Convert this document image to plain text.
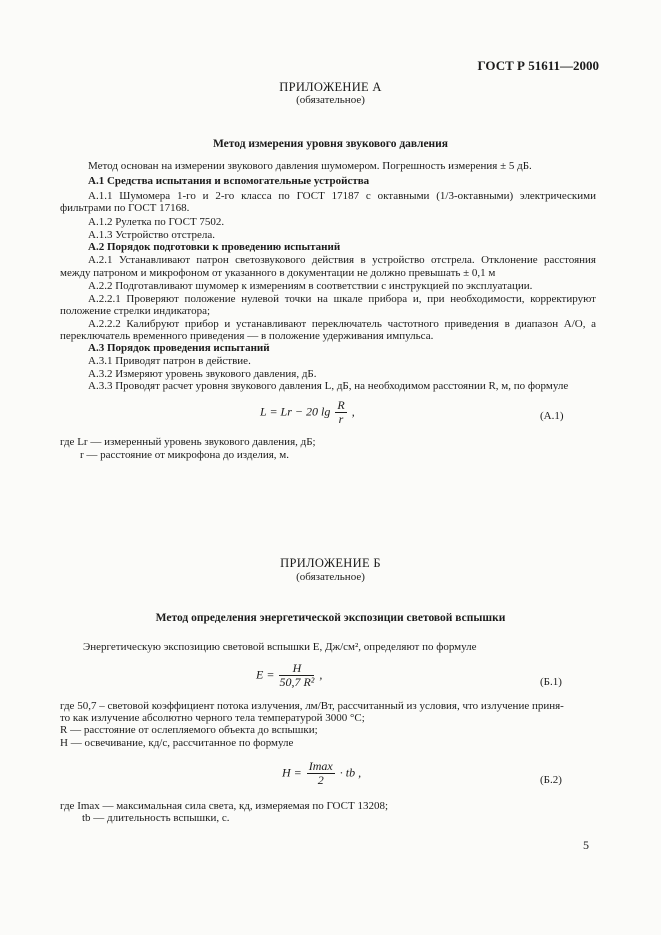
ГОСТ Р 51611—2000
ПРИЛОЖЕНИЕ А
(обязательное)
Метод измерения уровня звукового давления
Метод основан на измерении звукового давления шумомером. Погрешность измерения ± 5 дБ.
А.1 Средства испытания и вспомогательные устройства
А.1.1 Шумомера 1-го и 2-го класса по ГОСТ 17187 с октавными (1/3-октавными) электрическими
фильтрами по ГОСТ 17168.
А.1.2 Рулетка по ГОСТ 7502.
А.1.3 Устройство отстрела.
А.2 Порядок подготовки к проведению испытаний
А.2.1 Устанавливают патрон светозвукового действия в устройство отстрела. Отклонение расстояния
между патроном и микрофоном от указанного в документации не должно превышать ± 0,1 м
А.2.2 Подготавливают шумомер к измерениям в соответствии с инструкцией по эксплуатации.
А.2.2.1 Проверяют положение нулевой точки на шкале прибора и, при необходимости, корректируют
положение стрелки индикатора;
А.2.2.2 Калибруют прибор и устанавливают переключатель частотного приведения в диапазон А/О, а
переключатель временного приведения — в положение удерживания импульса.
А.3 Порядок проведения испытаний
А.3.1 Приводят патрон в действие.
А.3.2 Измеряют уровень звукового давления, дБ.
А.3.3 Проводят расчет уровня звукового давления L, дБ, на необходимом расстоянии R, м, по формуле
L = Lr − 20 $\lg \frac{R}{r}$ ,	(А.1)
где Lr — измеренный уровень звукового давления, дБ;
r — расстояние от микрофона до изделия, м.
ПРИЛОЖЕНИЕ Б
(обязательное)
Метод определения энергетической экспозиции световой вспышки
Энергетическую экспозицию световой вспышки E, Дж/см², определяют по формуле
$E = \frac{H}{\text{50,7 R²}}$ ,
(Б.1)
где 50,7 – световой коэффициент потока излучения, лм/Вт, рассчитанный из условия, что излучение приня-
то как излучение абсолютно черного тела температурой 3000 °С;
R — расстояние от ослепляемого объекта до вспышки;
H — освечивание, кд/с, рассчитанное по формуле
$H = \frac{Imax}{2}$ · tb ,
(Б.2)
где Imax — максимальная сила света, кд, измеряемая по ГОСТ 13208;
tb — длительность вспышки, с.
5
